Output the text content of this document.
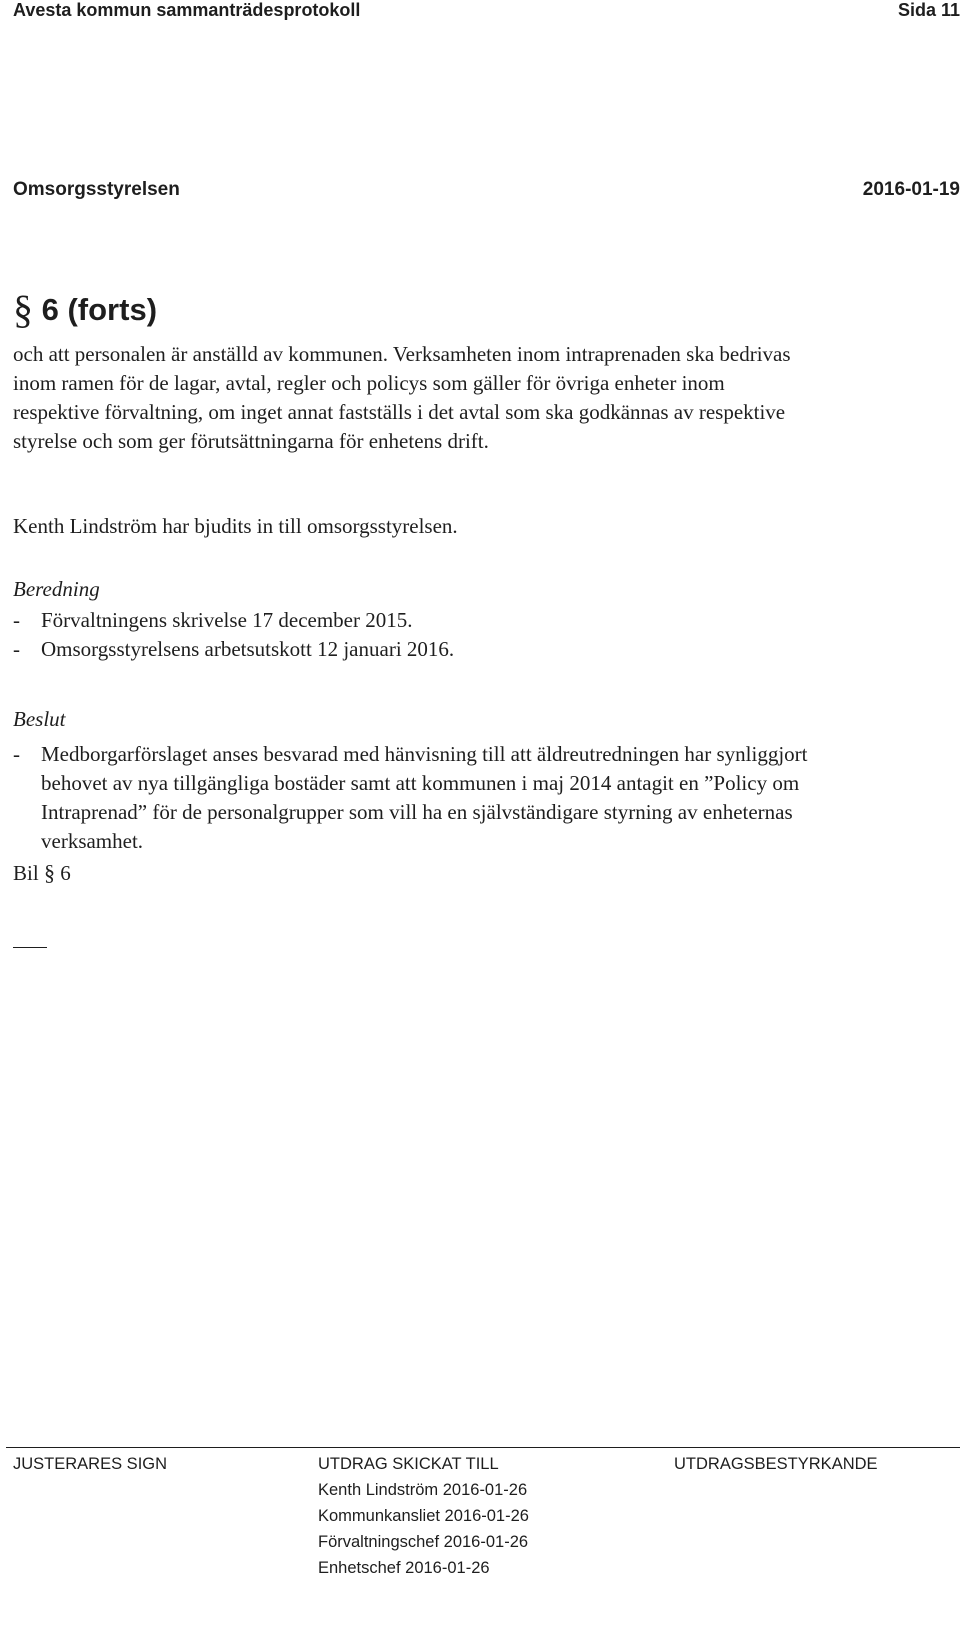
Avesta kommun sammanträdesprotokoll	Sida 11
Omsorgsstyrelsen	2016-01-19
§ 6 (forts)
och att personalen är anställd av kommunen. Verksamheten inom intraprenaden ska bedrivas
inom ramen för de lagar, avtal, regler och policys som gäller för övriga enheter inom
respektive förvaltning, om inget annat fastställs i det avtal som ska godkännas av respektive
styrelse och som ger förutsättningarna för enhetens drift.
Kenth Lindström har bjudits in till omsorgsstyrelsen.
Beredning
- Förvaltningens skrivelse 17 december 2015.
- Omsorgsstyrelsens arbetsutskott 12 januari 2016.
Beslut
- Medborgarförslaget anses besvarad med hänvisning till att äldreutredningen har synliggjort
behovet av nya tillgängliga bostäder samt att kommunen i maj 2014 antagit en ”Policy om
Intraprenad” för de personalgrupper som vill ha en självständigare styrning av enheternas
verksamhet.
Bil § 6
JUSTERARES SIGN	UTDRAG SKICKAT TILL
Kenth Lindström 2016-01-26
Kommunkansliet 2016-01-26
Förvaltningschef 2016-01-26
Enhetschef 2016-01-26
UTDRAGSBESTYRKANDE
